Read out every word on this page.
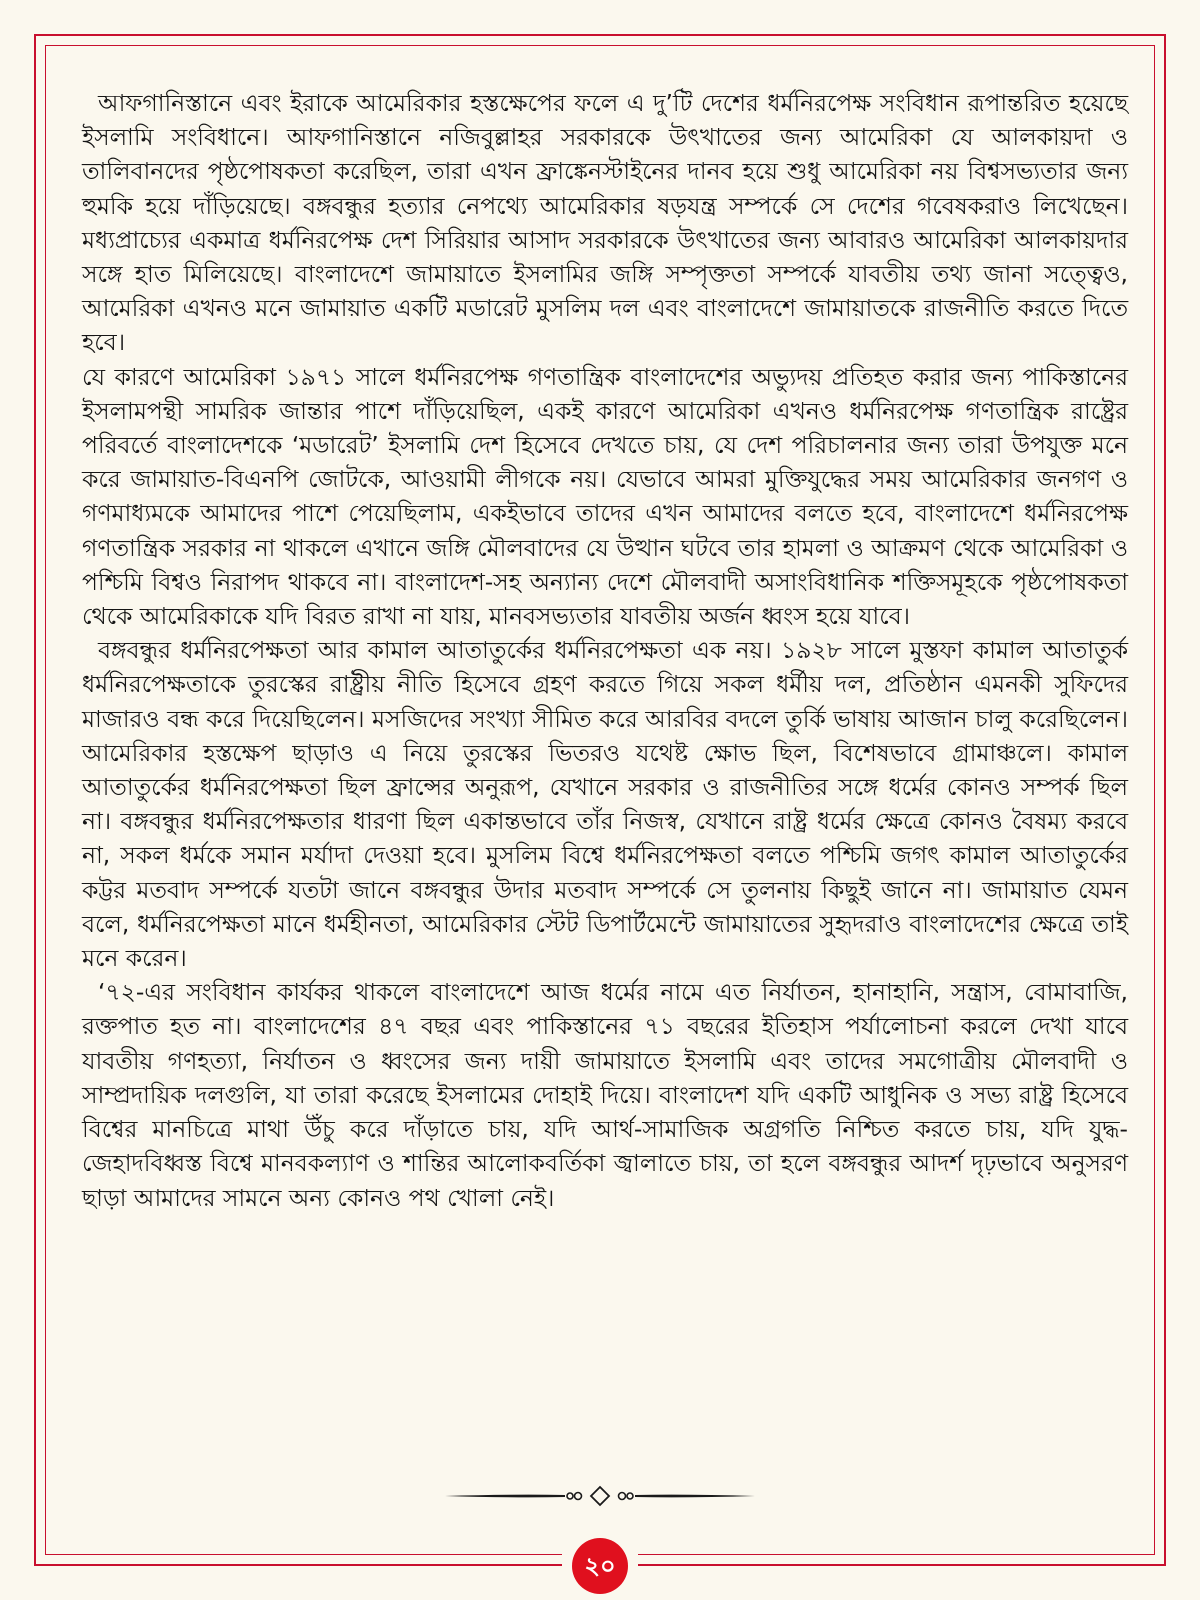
আফগানিস্তানে এবং ইরাকে আমেরিকার হস্তক্ষেপের ফলে এ দু’টি দেশের ধর্মনিরপেক্ষ সংবিধান রূপান্তরিত হয়েছে ইসলামি সংবিধানে। আফগানিস্তানে নজিবুল্লাহর সরকারকে উৎখাতের জন্য আমেরিকা যে আলকায়দা ও তালিবানদের পৃষ্ঠপোষকতা করেছিল, তারা এখন ফ্রাঙ্কেনস্টাইনের দানব হয়ে শুধু আমেরিকা নয় বিশ্বসভ্যতার জন্য হুমকি হয়ে দাঁড়িয়েছে। বঙ্গবন্ধুর হত্যার নেপথ্যে আমেরিকার ষড়যন্ত্র সম্পর্কে সে দেশের গবেষকরাও লিখেছেন। মধ্যপ্রাচ্যের একমাত্র ধর্মনিরপেক্ষ দেশ সিরিয়ার আসাদ সরকারকে উৎখাতের জন্য আবারও আমেরিকা আলকায়দার সঙ্গে হাত মিলিয়েছে। বাংলাদেশে জামায়াতে ইসলামির জঙ্গি সম্পৃক্ততা সম্পর্কে যাবতীয় তথ্য জানা সত্ত্বেও, আমেরিকা এখনও মনে জামায়াত একটি মডারেট মুসলিম দল এবং বাংলাদেশে জামায়াতকে রাজনীতি করতে দিতে হবে।

যে কারণে আমেরিকা ১৯৭১ সালে ধর্মনিরপেক্ষ গণতান্ত্রিক বাংলাদেশের অভ্যুদয় প্রতিহত করার জন্য পাকিস্তানের ইসলামপন্থী সামরিক জান্তার পাশে দাঁড়িয়েছিল, একই কারণে আমেরিকা এখনও ধর্মনিরপেক্ষ গণতান্ত্রিক রাষ্ট্রের পরিবর্তে বাংলাদেশকে ‘মডারেট’ ইসলামি দেশ হিসেবে দেখতে চায়, যে দেশ পরিচালনার জন্য তারা উপযুক্ত মনে করে জামায়াত-বিএনপি জোটকে, আওয়ামী লীগকে নয়। যেভাবে আমরা মুক্তিযুদ্ধের সময় আমেরিকার জনগণ ও গণমাধ্যমকে আমাদের পাশে পেয়েছিলাম, একইভাবে তাদের এখন আমাদের বলতে হবে, বাংলাদেশে ধর্মনিরপেক্ষ গণতান্ত্রিক সরকার না থাকলে এখানে জঙ্গি মৌলবাদের যে উত্থান ঘটবে তার হামলা ও আক্রমণ থেকে আমেরিকা ও পশ্চিমি বিশ্বও নিরাপদ থাকবে না। বাংলাদেশ-সহ অন্যান্য দেশে মৌলবাদী অসাংবিধানিক শক্তিসমূহকে পৃষ্ঠপোষকতা থেকে আমেরিকাকে যদি বিরত রাখা না যায়, মানবসভ্যতার যাবতীয় অর্জন ধ্বংস হয়ে যাবে।

বঙ্গবন্ধুর ধর্মনিরপেক্ষতা আর কামাল আতাতুর্কের ধর্মনিরপেক্ষতা এক নয়। ১৯২৮ সালে মুস্তফা কামাল আতাতুর্ক ধর্মনিরপেক্ষতাকে তুরস্কের রাষ্ট্রীয় নীতি হিসেবে গ্রহণ করতে গিয়ে সকল ধর্মীয় দল, প্রতিষ্ঠান এমনকী সুফিদের মাজারও বন্ধ করে দিয়েছিলেন। মসজিদের সংখ্যা সীমিত করে আরবির বদলে তুর্কি ভাষায় আজান চালু করেছিলেন। আমেরিকার হস্তক্ষেপ ছাড়াও এ নিয়ে তুরস্কের ভিতরও যথেষ্ট ক্ষোভ ছিল, বিশেষভাবে গ্রামাঞ্চলে। কামাল আতাতুর্কের ধর্মনিরপেক্ষতা ছিল ফ্রান্সের অনুরূপ, যেখানে সরকার ও রাজনীতির সঙ্গে ধর্মের কোনও সম্পর্ক ছিল না। বঙ্গবন্ধুর ধর্মনিরপেক্ষতার ধারণা ছিল একান্তভাবে তাঁর নিজস্ব, যেখানে রাষ্ট্র ধর্মের ক্ষেত্রে কোনও বৈষম্য করবে না, সকল ধর্মকে সমান মর্যাদা দেওয়া হবে। মুসলিম বিশ্বে ধর্মনিরপেক্ষতা বলতে পশ্চিমি জগৎ কামাল আতাতুর্কের কট্টর মতবাদ সম্পর্কে যতটা জানে বঙ্গবন্ধুর উদার মতবাদ সম্পর্কে সে তুলনায় কিছুই জানে না। জামায়াত যেমন বলে, ধর্মনিরপেক্ষতা মানে ধর্মহীনতা, আমেরিকার স্টেট ডিপার্টমেন্টে জামায়াতের সুহৃদরাও বাংলাদেশের ক্ষেত্রে তাই মনে করেন।

‘৭২-এর সংবিধান কার্যকর থাকলে বাংলাদেশে আজ ধর্মের নামে এত নির্যাতন, হানাহানি, সন্ত্রাস, বোমাবাজি, রক্তপাত হত না। বাংলাদেশের ৪৭ বছর এবং পাকিস্তানের ৭১ বছরের ইতিহাস পর্যালোচনা করলে দেখা যাবে যাবতীয় গণহত্যা, নির্যাতন ও ধ্বংসের জন্য দায়ী জামায়াতে ইসলামি এবং তাদের সমগোত্রীয় মৌলবাদী ও সাম্প্রদায়িক দলগুলি, যা তারা করেছে ইসলামের দোহাই দিয়ে। বাংলাদেশ যদি একটি আধুনিক ও সভ্য রাষ্ট্র হিসেবে বিশ্বের মানচিত্রে মাথা উঁচু করে দাঁড়াতে চায়, যদি আর্থ-সামাজিক অগ্রগতি নিশ্চিত করতে চায়, যদি যুদ্ধ-জেহাদবিধ্বস্ত বিশ্বে মানবকল্যাণ ও শান্তির আলোকবর্তিকা জ্বালাতে চায়, তা হলে বঙ্গবন্ধুর আদর্শ দৃঢ়ভাবে অনুসরণ ছাড়া আমাদের সামনে অন্য কোনও পথ খোলা নেই।

২০
